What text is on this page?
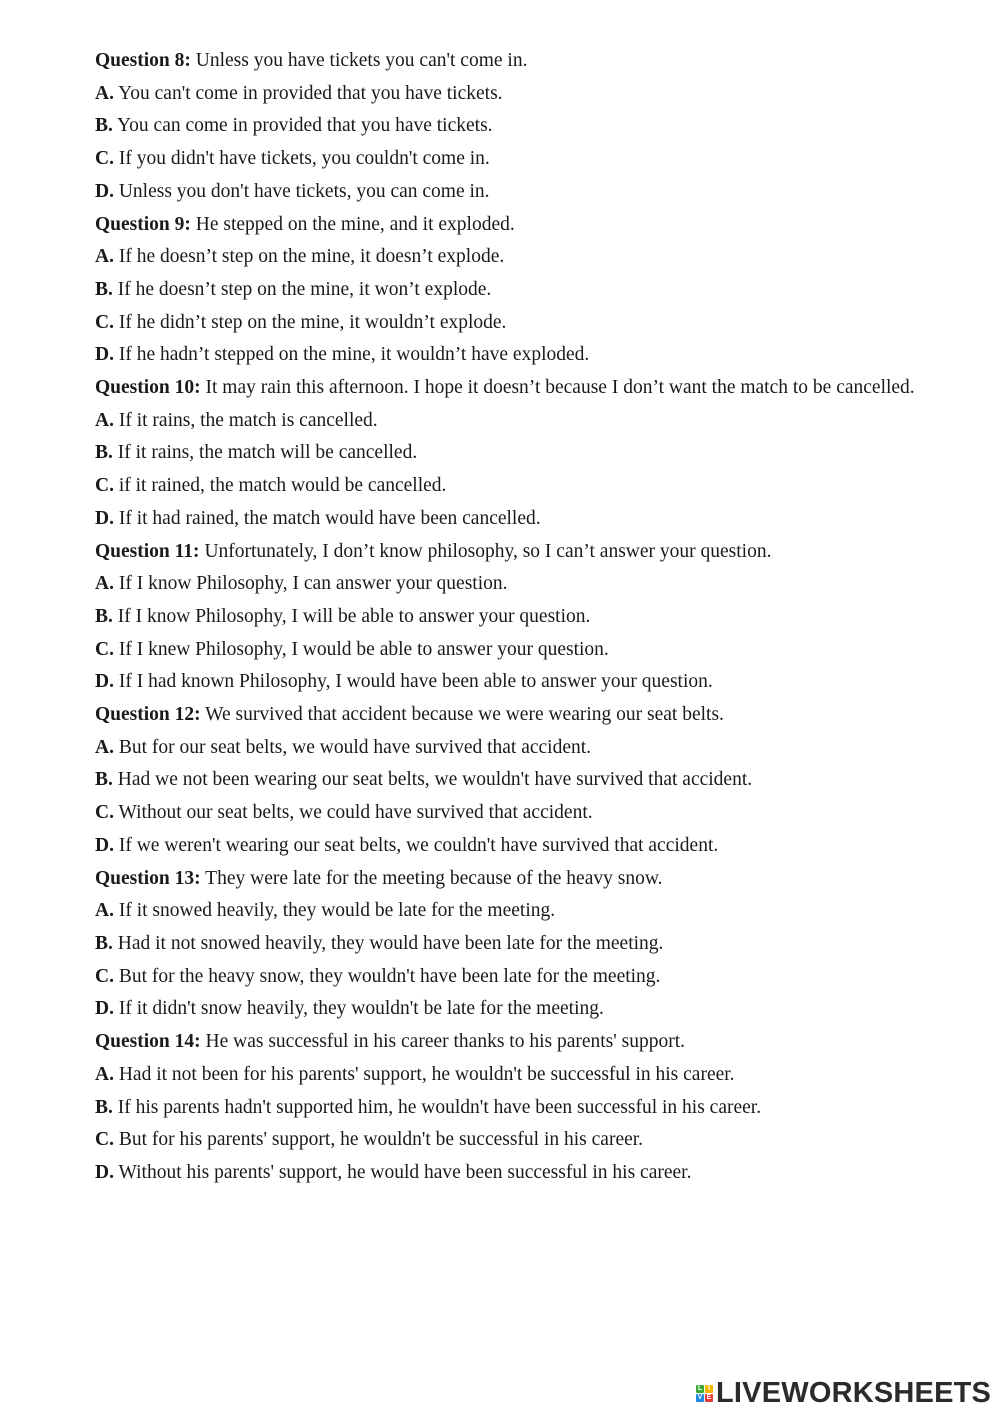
Question 8: Unless you have tickets you can't come in.

A. You can't come in provided that you have tickets.

B. You can come in provided that you have tickets.

C. If you didn't have tickets, you couldn't come in.

D. Unless you don't have tickets, you can come in.

Question 9: He stepped on the mine, and it exploded.

A. If he doesn’t step on the mine, it doesn’t explode.

B. If he doesn’t step on the mine, it won’t explode.

C. If he didn’t step on the mine, it wouldn’t explode.

D. If he hadn’t stepped on the mine, it wouldn’t have exploded.

Question 10: It may rain this afternoon. I hope it doesn’t because I don’t want the match to be cancelled.

A. If it rains, the match is cancelled.

B. If it rains, the match will be cancelled.

C. if it rained, the match would be cancelled.

D. If it had rained, the match would have been cancelled.

Question 11: Unfortunately, I don’t know philosophy, so I can’t answer your question.

A. If I know Philosophy, I can answer your question.

B. If I know Philosophy, I will be able to answer your question.

C. If I knew Philosophy, I would be able to answer your question.

D. If I had known Philosophy, I would have been able to answer your question.

Question 12: We survived that accident because we were wearing our seat belts.

A. But for our seat belts, we would have survived that accident.

B. Had we not been wearing our seat belts, we wouldn't have survived that accident.

C. Without our seat belts, we could have survived that accident.

D. If we weren't wearing our seat belts, we couldn't have survived that accident.

Question 13: They were late for the meeting because of the heavy snow.

A. If it snowed heavily, they would be late for the meeting.

B. Had it not snowed heavily, they would have been late for the meeting.

C. But for the heavy snow, they wouldn't have been late for the meeting.

D. If it didn't snow heavily, they wouldn't be late for the meeting.

Question 14: He was successful in his career thanks to his parents' support.

A. Had it not been for his parents' support, he wouldn't be successful in his career.

B. If his parents hadn't supported him, he wouldn't have been successful in his career.

C. But for his parents' support, he wouldn't be successful in his career.

D. Without his parents' support, he would have been successful in his career.

L I
V E LIVEWORKSHEETS
